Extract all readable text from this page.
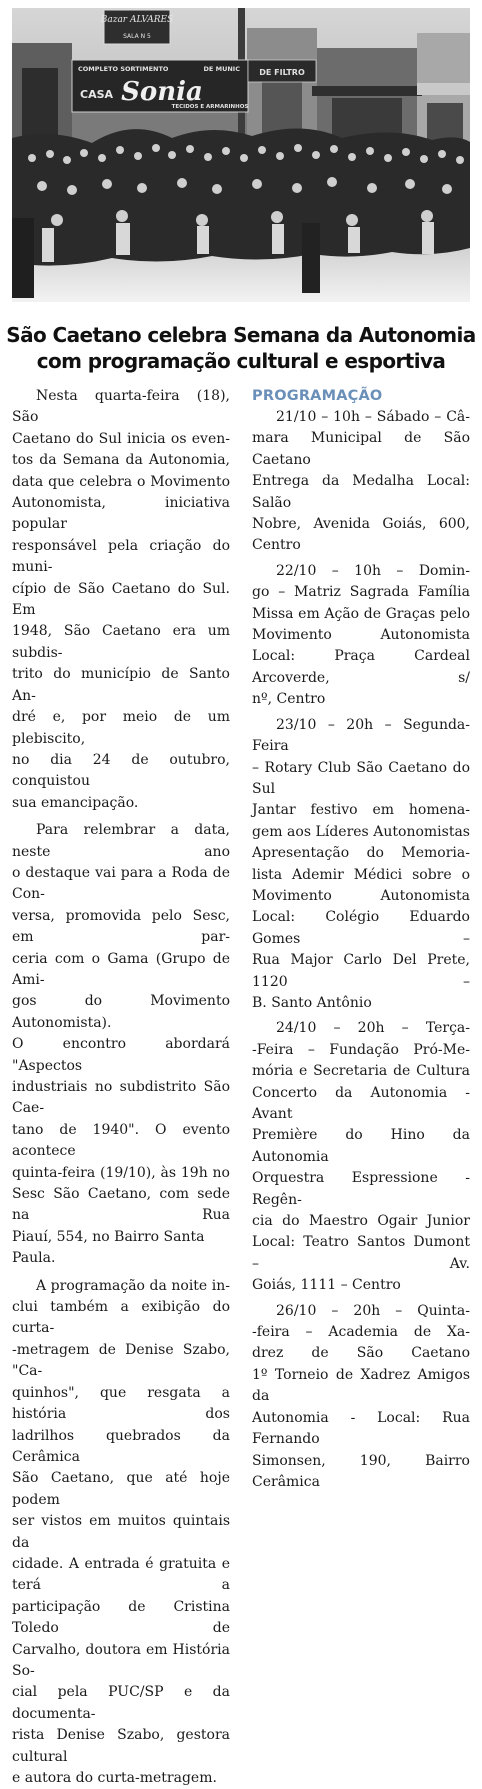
Bazar ALVARES
SALA N 5
COMPLETO SORTIMENTO	DE MUNIC
CASA Sonia
TECIDOS E ARMARINHOS
DE FILTRO
São Caetano celebra Semana da Autonomia
com programação cultural e esportiva
Nesta quarta-feira (18), São
Caetano do Sul inicia os even-
tos da Semana da Autonomia,
data que celebra o Movimento
Autonomista, iniciativa popular
responsável pela criação do muni-
cípio de São Caetano do Sul. Em
1948, São Caetano era um subdis-
trito do município de Santo An-
dré e, por meio de um plebiscito,
no dia 24 de outubro, conquistou
sua emancipação.
Para relembrar a data, neste ano
o destaque vai para a Roda de Con-
versa, promovida pelo Sesc, em par-
ceria com o Gama (Grupo de Ami-
gos do Movimento Autonomista).
O encontro abordará "Aspectos
industriais no subdistrito São Cae-
tano de 1940". O evento acontece
quinta-feira (19/10), às 19h no
Sesc São Caetano, com sede na Rua
Piauí, 554, no Bairro Santa Paula.
A programação da noite in-
clui também a exibição do curta-
-metragem de Denise Szabo, "Ca-
quinhos", que resgata a história dos
ladrilhos quebrados da Cerâmica
São Caetano, que até hoje podem
ser vistos em muitos quintais da
cidade. A entrada é gratuita e terá a
participação de Cristina Toledo de
Carvalho, doutora em História So-
cial pela PUC/SP e da documenta-
rista Denise Szabo, gestora cultural
e autora do curta-metragem.
PROGRAMAÇÃO
21/10 – 10h – Sábado – Câ-
mara Municipal de São Caetano
Entrega da Medalha Local: Salão
Nobre, Avenida Goiás, 600, Centro
22/10 – 10h – Domin-
go – Matriz Sagrada Família
Missa em Ação de Graças pelo
Movimento Autonomista
Local: Praça Cardeal Arcoverde, s/
nº, Centro
23/10 – 20h – Segunda-Feira
– Rotary Club São Caetano do Sul
Jantar festivo em homena-
gem aos Líderes Autonomistas
Apresentação do Memoria-
lista Ademir Médici sobre o
Movimento Autonomista
Local: Colégio Eduardo Gomes –
Rua Major Carlo Del Prete, 1120 –
B. Santo Antônio
24/10 – 20h – Terça-
-Feira – Fundação Pró-Me-
mória e Secretaria de Cultura
Concerto da Autonomia - Avant
Première do Hino da Autonomia
Orquestra Espressione - Regên-
cia do Maestro Ogair Junior
Local: Teatro Santos Dumont – Av.
Goiás, 1111 – Centro
26/10 – 20h – Quinta-
-feira – Academia de Xa-
drez de São Caetano
1º Torneio de Xadrez Amigos da
Autonomia - Local: Rua Fernando
Simonsen, 190, Bairro Cerâmica
